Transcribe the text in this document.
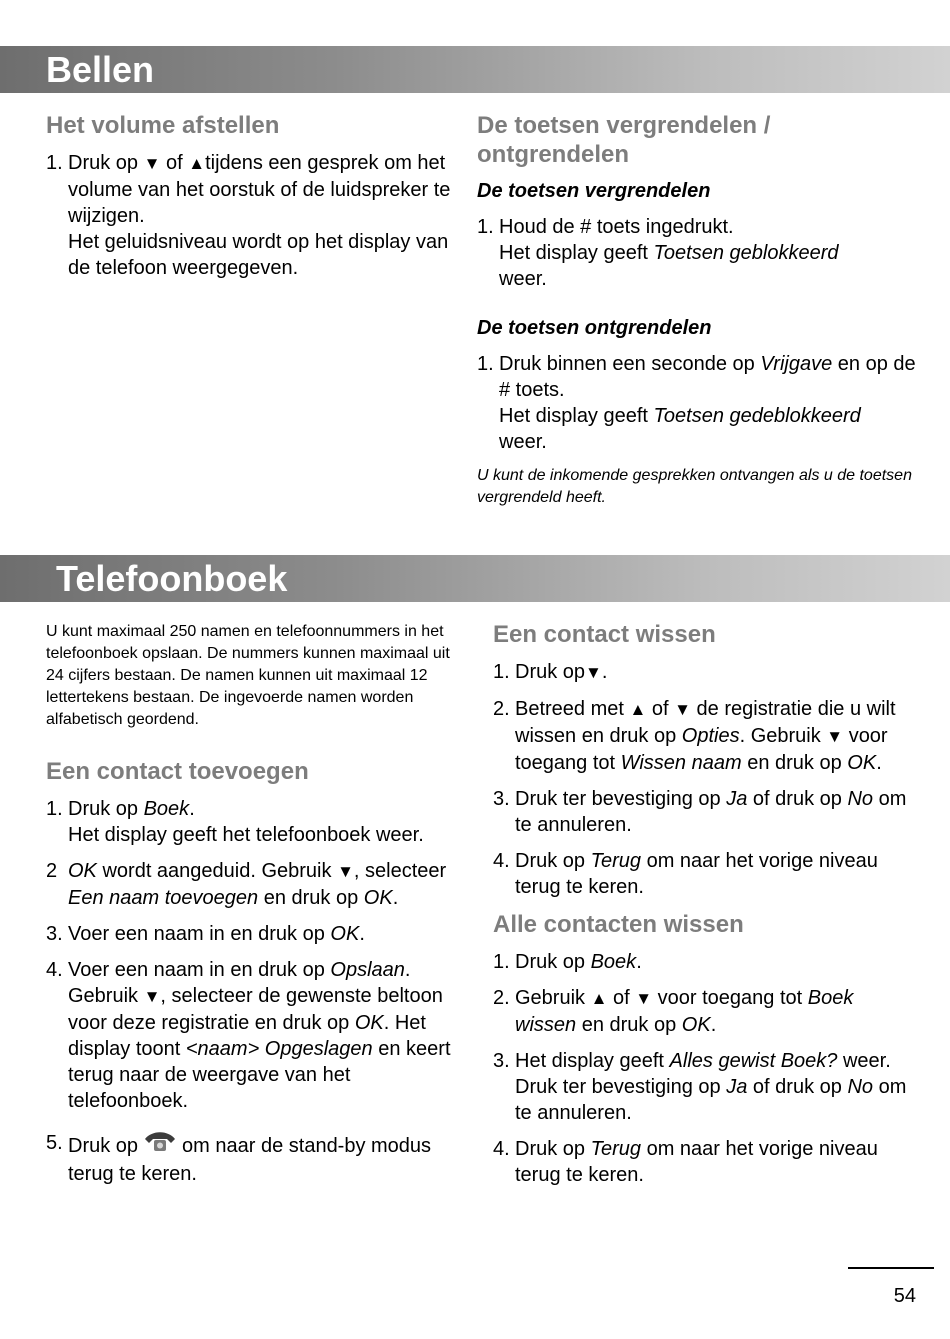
Bellen
Het volume afstellen
1. Druk op ▼ of ▲tijdens een gesprek om het volume van het oorstuk of de luidspreker te wijzigen.
Het geluidsniveau wordt op het display van de telefoon weergegeven.
De toetsen vergrendelen / ontgrendelen
De toetsen vergrendelen
1. Houd de # toets ingedrukt.
Het display geeft Toetsen geblokkeerd
weer.
De toetsen ontgrendelen
1. Druk binnen een seconde op Vrijgave en op de # toets.
Het display geeft Toetsen gedeblokkeerd
weer.

U kunt de inkomende gesprekken ontvangen als u de toetsen vergrendeld heeft.

Telefoonboek

U kunt maximaal 250 namen en telefoonnummers in het telefoonboek opslaan. De nummers kunnen maximaal uit 24 cijfers bestaan. De namen kunnen uit maximaal 12 lettertekens bestaan. De ingevoerde namen worden alfabetisch geordend.

Een contact toevoegen
1. Druk op Boek.
Het display geeft het telefoonboek weer.
2 OK wordt aangeduid. Gebruik ▼, selecteer Een naam toevoegen en druk op OK.
3. Voer een naam in en druk op OK.
4. Voer een naam in en druk op Opslaan. Gebruik ▼, selecteer de gewenste beltoon voor deze registratie en druk op OK. Het display toont <naam> Opgeslagen en keert terug naar de weergave van het telefoonboek.
5. Druk op om naar de stand-by modus terug te keren.
Een contact wissen
1. Druk op▼.
2. Betreed met ▲ of ▼ de registratie die u wilt wissen en druk op Opties. Gebruik ▼ voor toegang tot Wissen naam en druk op OK.
3. Druk ter bevestiging op Ja of druk op No om te annuleren.
4. Druk op Terug om naar het vorige niveau terug te keren.
Alle contacten wissen
1. Druk op Boek.
2. Gebruik ▲ of ▼ voor toegang tot Boek wissen en druk op OK.
3. Het display geeft Alles gewist Boek? weer. Druk ter bevestiging op Ja of druk op No om te annuleren.
4. Druk op Terug om naar het vorige niveau terug te keren.
54
